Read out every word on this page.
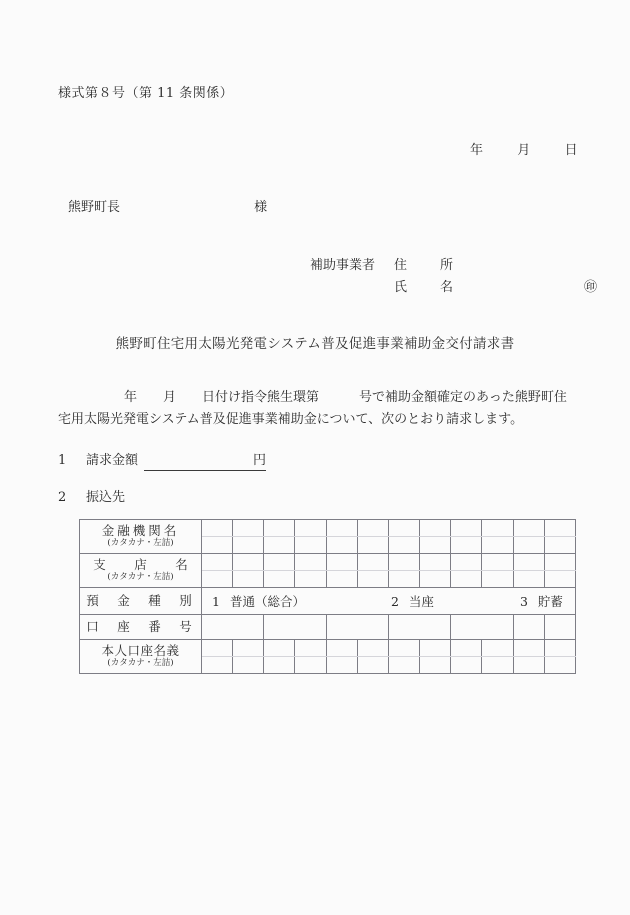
様式第８号（第 11 条関係）
年	月	日
熊野町長	様
補助事業者	住　所
氏　名	㊞
熊野町住宅用太陽光発電システム普及促進事業補助金交付請求書
年 月 日付け指令熊生環第	号で補助金額確定のあった熊野町住
宅用太陽光発電システム普及促進事業補助金について、次のとおり請求します。
1 請求金額	円
2 振込先
金融機関名
(カタカナ・左詰)												

支　店　名
(カタカナ・左詰)												

預　金　種　別	1 普通（総合） 2 当座 3 貯蓄											

口　座　番　号												

本人口座名義
(カタカナ・左詰)												
